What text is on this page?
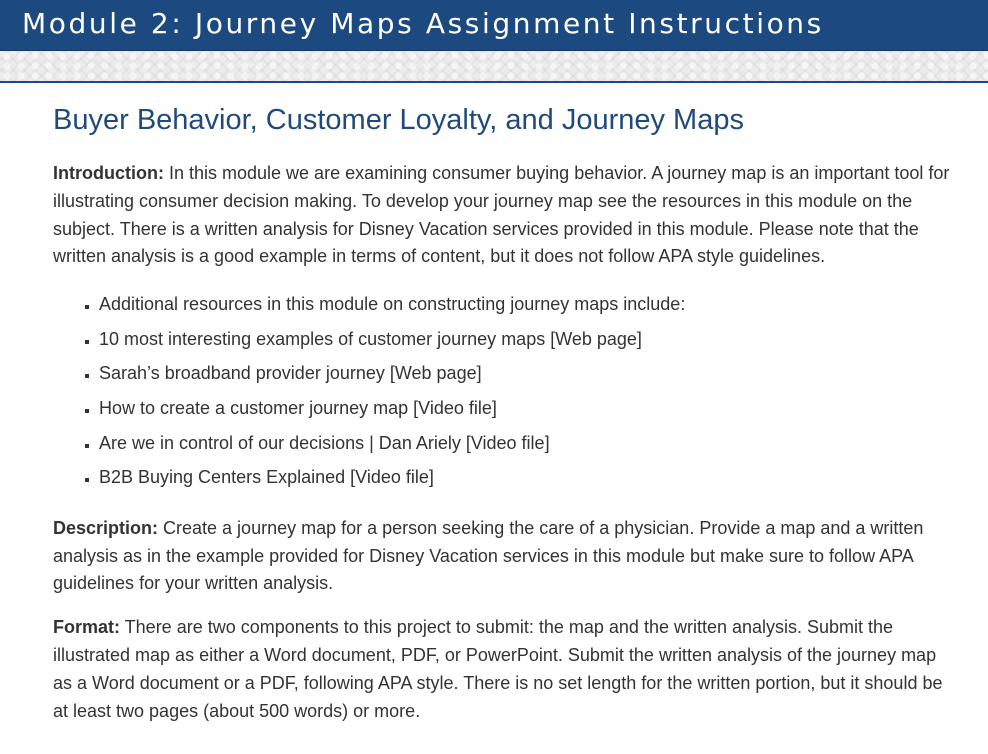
Module 2: Journey Maps Assignment Instructions
Buyer Behavior, Customer Loyalty, and Journey Maps

Introduction: In this module we are examining consumer buying behavior. A journey map is an important tool for illustrating consumer decision making. To develop your journey map see the resources in this module on the subject. There is a written analysis for Disney Vacation services provided in this module. Please note that the written analysis is a good example in terms of content, but it does not follow APA style guidelines.

▪ Additional resources in this module on constructing journey maps include:
▪ 10 most interesting examples of customer journey maps [Web page]
▪ Sarah’s broadband provider journey [Web page]
▪ How to create a customer journey map [Video file]
▪ Are we in control of our decisions | Dan Ariely [Video file]
▪ B2B Buying Centers Explained [Video file]

Description: Create a journey map for a person seeking the care of a physician. Provide a map and a written analysis as in the example provided for Disney Vacation services in this module but make sure to follow APA guidelines for your written analysis.

Format: There are two components to this project to submit: the map and the written analysis. Submit the illustrated map as either a Word document, PDF, or PowerPoint. Submit the written analysis of the journey map as a Word document or a PDF, following APA style. There is no set length for the written portion, but it should be at least two pages (about 500 words) or more.
